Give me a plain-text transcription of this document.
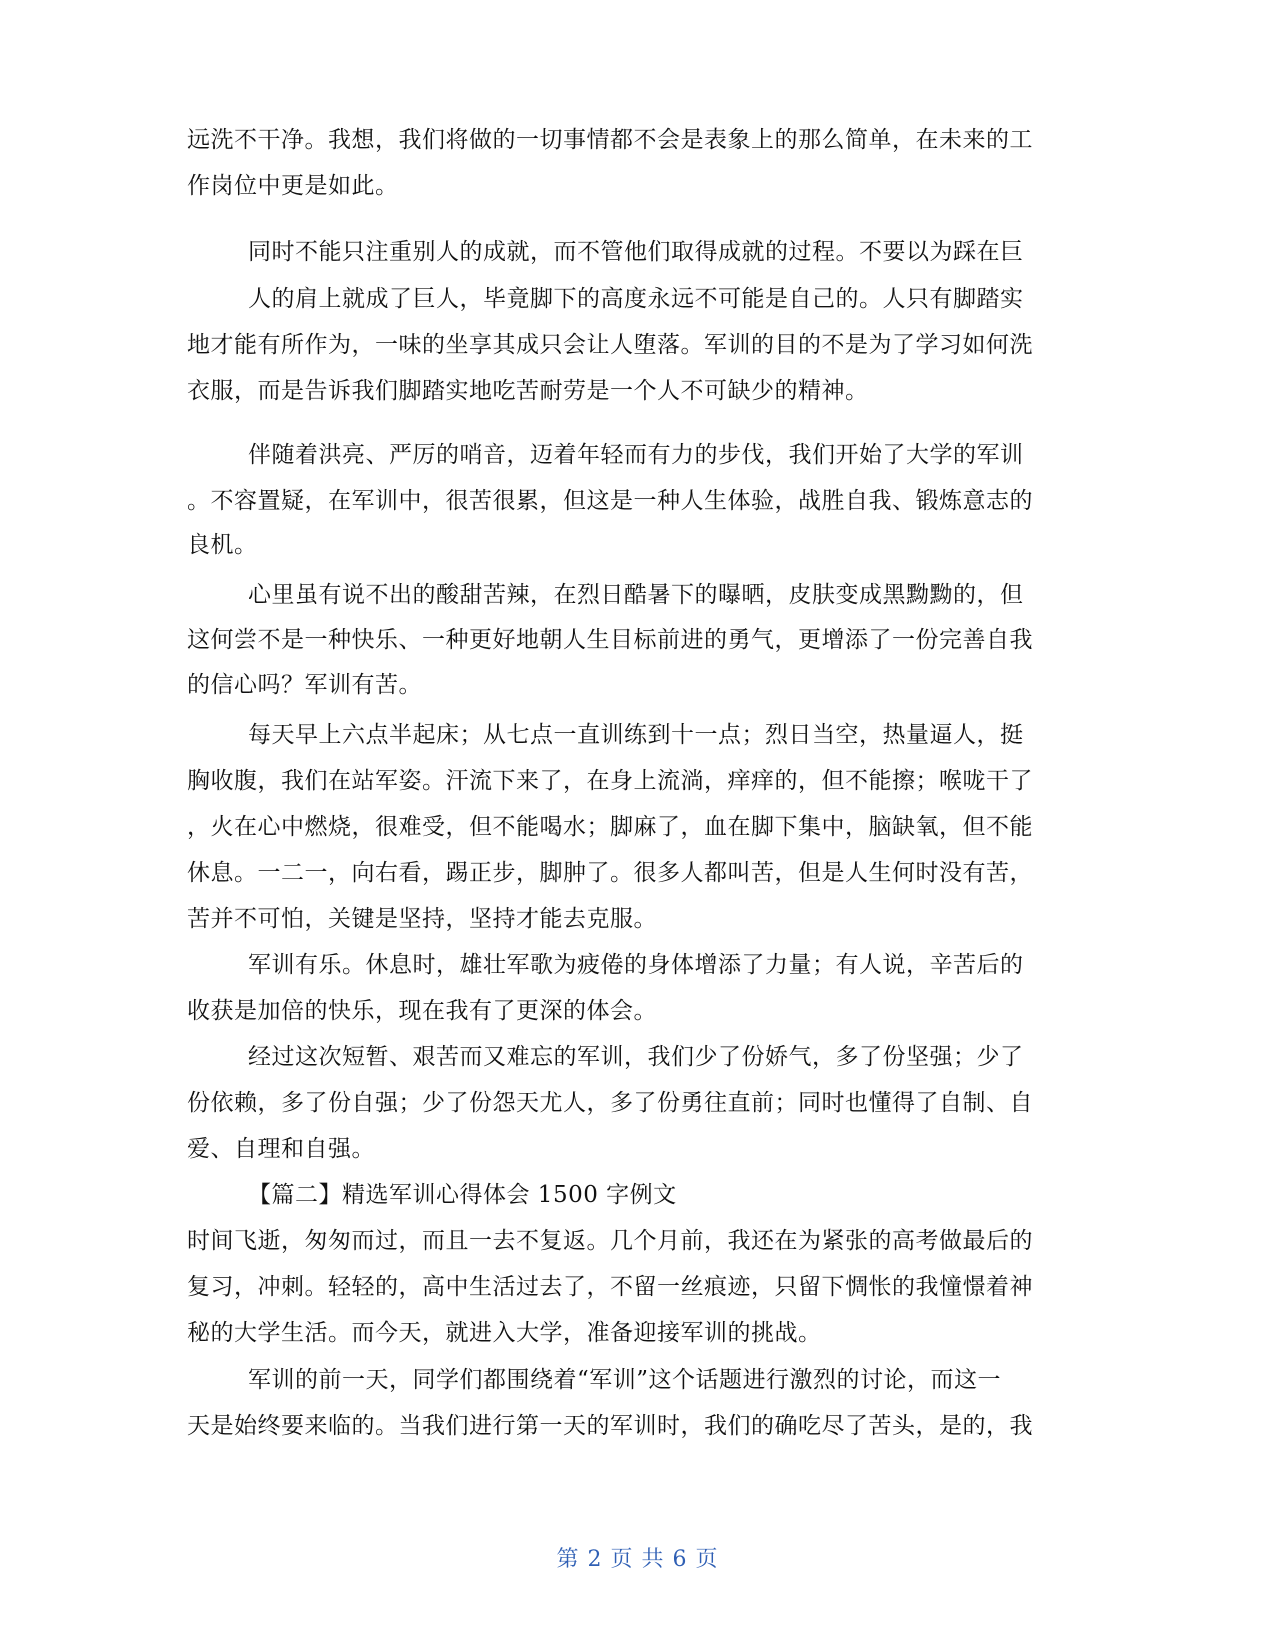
远洗不干净。我想，我们将做的一切事情都不会是表象上的那么简单，在未来的工
作岗位中更是如此。
同时不能只注重别人的成就，而不管他们取得成就的过程。不要以为踩在巨
人的肩上就成了巨人，毕竟脚下的高度永远不可能是自己的。人只有脚踏实
地才能有所作为，一味的坐享其成只会让人堕落。军训的目的不是为了学习如何洗
衣服，而是告诉我们脚踏实地吃苦耐劳是一个人不可缺少的精神。
伴随着洪亮、严厉的哨音，迈着年轻而有力的步伐，我们开始了大学的军训
。不容置疑，在军训中，很苦很累，但这是一种人生体验，战胜自我、锻炼意志的
良机。
心里虽有说不出的酸甜苦辣，在烈日酷暑下的曝晒，皮肤变成黑黝黝的，但
这何尝不是一种快乐、一种更好地朝人生目标前进的勇气，更增添了一份完善自我
的信心吗？军训有苦。
每天早上六点半起床；从七点一直训练到十一点；烈日当空，热量逼人，挺
胸收腹，我们在站军姿。汗流下来了，在身上流淌，痒痒的，但不能擦；喉咙干了
，火在心中燃烧，很难受，但不能喝水；脚麻了，血在脚下集中，脑缺氧，但不能
休息。一二一，向右看，踢正步，脚肿了。很多人都叫苦，但是人生何时没有苦，
苦并不可怕，关键是坚持，坚持才能去克服。
军训有乐。休息时，雄壮军歌为疲倦的身体增添了力量；有人说，辛苦后的
收获是加倍的快乐，现在我有了更深的体会。
经过这次短暂、艰苦而又难忘的军训，我们少了份娇气，多了份坚强；少了
份依赖，多了份自强；少了份怨天尤人，多了份勇往直前；同时也懂得了自制、自
爱、自理和自强。
【篇二】精选军训心得体会 1500 字例文
时间飞逝，匆匆而过，而且一去不复返。几个月前，我还在为紧张的高考做最后的
复习，冲刺。轻轻的，高中生活过去了，不留一丝痕迹，只留下惆怅的我憧憬着神
秘的大学生活。而今天，就进入大学，准备迎接军训的挑战。
军训的前一天，同学们都围绕着“军训”这个话题进行激烈的讨论，而这一
天是始终要来临的。当我们进行第一天的军训时，我们的确吃尽了苦头，是的，我
第 2 页 共 6 页
